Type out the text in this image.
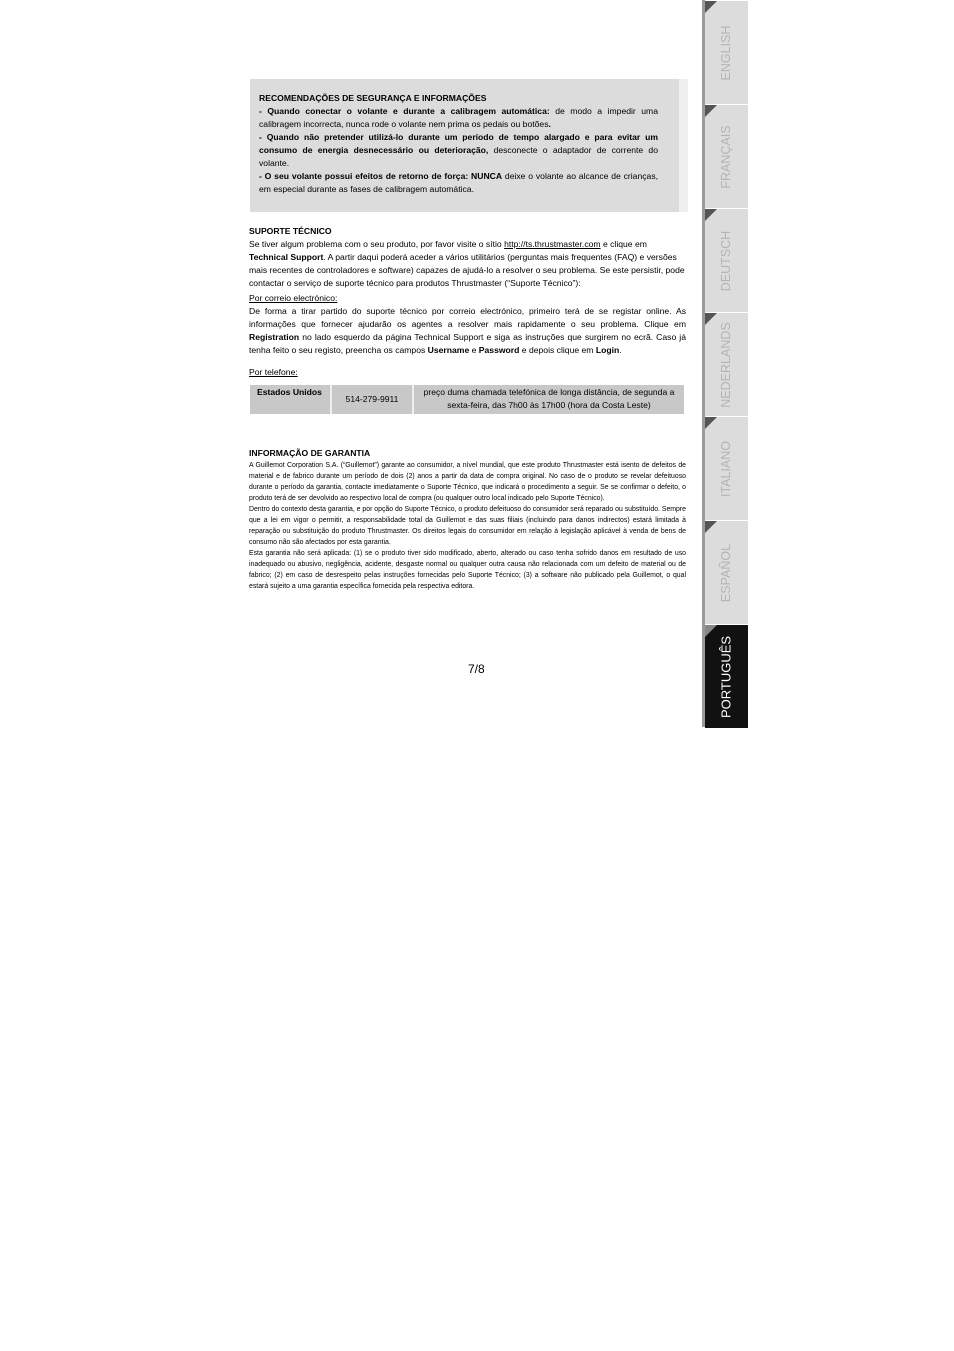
RECOMENDAÇÕES DE SEGURANÇA E INFORMAÇÕES

- Quando conectar o volante e durante a calibragem automática: de modo a impedir uma calibragem incorrecta, nunca rode o volante nem prima os pedais ou botões.

- Quando não pretender utilizá-lo durante um período de tempo alargado e para evitar um consumo de energia desnecessário ou deterioração, desconecte o adaptador de corrente do volante.

- O seu volante possui efeitos de retorno de força: NUNCA deixe o volante ao alcance de crianças, em especial durante as fases de calibragem automática.

SUPORTE TÉCNICO

Se tiver algum problema com o seu produto, por favor visite o sítio http://ts.thrustmaster.com e clique em Technical Support. A partir daqui poderá aceder a vários utilitários (perguntas mais frequentes (FAQ) e versões mais recentes de controladores e software) capazes de ajudá-lo a resolver o seu problema. Se este persistir, pode contactar o serviço de suporte técnico para produtos Thrustmaster (“Suporte Técnico”):

Por correio electrónico:

De forma a tirar partido do suporte técnico por correio electrónico, primeiro terá de se registar online. As informações que fornecer ajudarão os agentes a resolver mais rapidamente o seu problema. Clique em Registration no lado esquerdo da página Technical Support e siga as instruções que surgirem no ecrã. Caso já tenha feito o seu registo, preencha os campos Username e Password e depois clique em Login.

Por telefone:

Estados Unidos
514-279-9911
preço duma chamada telefónica de longa distância, de segunda a sexta-feira, das 7h00 às 17h00 (hora da Costa Leste)

INFORMAÇÃO DE GARANTIA

A Guillemot Corporation S.A. (“Guillemot”) garante ao consumidor, a nível mundial, que este produto Thrustmaster está isento de defeitos de material e de fabrico durante um período de dois (2) anos a partir da data de compra original. No caso de o produto se revelar defeituoso durante o período da garantia, contacte imediatamente o Suporte Técnico, que indicará o procedimento a seguir. Se se confirmar o defeito, o produto terá de ser devolvido ao respectivo local de compra (ou qualquer outro local indicado pelo Suporte Técnico).

Dentro do contexto desta garantia, e por opção do Suporte Técnico, o produto defeituoso do consumidor será reparado ou substituído. Sempre que a lei em vigor o permitir, a responsabilidade total da Guillemot e das suas filiais (incluindo para danos indirectos) estará limitada à reparação ou substituição do produto Thrustmaster. Os direitos legais do consumidor em relação à legislação aplicável à venda de bens de consumo não são afectados por esta garantia.

Esta garantia não será aplicada: (1) se o produto tiver sido modificado, aberto, alterado ou caso tenha sofrido danos em resultado de uso inadequado ou abusivo, negligência, acidente, desgaste normal ou qualquer outra causa não relacionada com um defeito de material ou de fabrico; (2) em caso de desrespeito pelas instruções fornecidas pelo Suporte Técnico; (3) a software não publicado pela Guillemot, o qual estará sujeito a uma garantia específica fornecida pela respectiva editora.

7/8
ENGLISH
FRANÇAIS
DEUTSCH
NEDERLANDS
ITALIANO
ESPAÑOL
PORTUGUÊS
